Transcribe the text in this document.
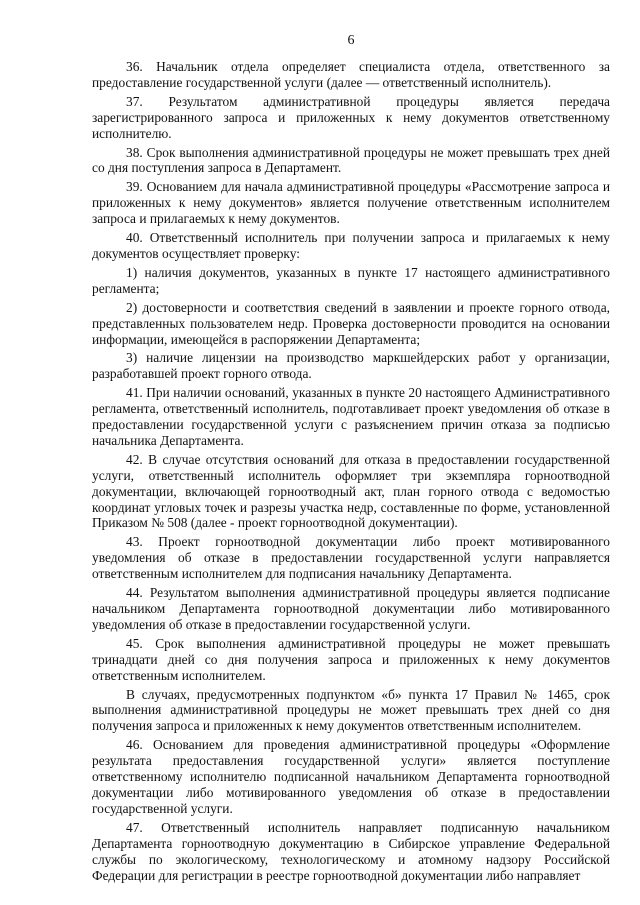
6

36. Начальник отдела определяет специалиста отдела, ответственного за предоставление государственной услуги (далее — ответственный исполнитель).

37. Результатом административной процедуры является передача зарегистрированного запроса и приложенных к нему документов ответственному исполнителю.

38. Срок выполнения административной процедуры не может превышать трех дней со дня поступления запроса в Департамент.

39. Основанием для начала административной процедуры «Рассмотрение запроса и приложенных к нему документов» является получение ответственным исполнителем запроса и прилагаемых к нему документов.

40. Ответственный исполнитель при получении запроса и прилагаемых к нему документов осуществляет проверку:

1) наличия документов, указанных в пункте 17 настоящего административного регламента;

2) достоверности и соответствия сведений в заявлении и проекте горного отвода, представленных пользователем недр. Проверка достоверности проводится на основании информации, имеющейся в распоряжении Департамента;

3) наличие лицензии на производство маркшейдерских работ у организации, разработавшей проект горного отвода.

41. При наличии оснований, указанных в пункте 20 настоящего Административного регламента, ответственный исполнитель, подготавливает проект уведомления об отказе в предоставлении государственной услуги с разъяснением причин отказа за подписью начальника Департамента.

42. В случае отсутствия оснований для отказа в предоставлении государственной услуги, ответственный исполнитель оформляет три экземпляра горноотводной документации, включающей горноотводный акт, план горного отвода с ведомостью координат угловых точек и разрезы участка недр, составленные по форме, установленной Приказом № 508 (далее - проект горноотводной документации).

43. Проект горноотводной документации либо проект мотивированного уведомления об отказе в предоставлении государственной услуги направляется ответственным исполнителем для подписания начальнику Департамента.

44. Результатом выполнения административной процедуры является подписание начальником Департамента горноотводной документации либо мотивированного уведомления об отказе в предоставлении государственной услуги.

45. Срок выполнения административной процедуры не может превышать тринадцати дней со дня получения запроса и приложенных к нему документов ответственным исполнителем.

В случаях, предусмотренных подпунктом «б» пункта 17 Правил № 1465, срок выполнения административной процедуры не может превышать трех дней со дня получения запроса и приложенных к нему документов ответственным исполнителем.

46. Основанием для проведения административной процедуры «Оформление результата предоставления государственной услуги» является поступление ответственному исполнителю подписанной начальником Департамента горноотводной документации либо мотивированного уведомления об отказе в предоставлении государственной услуги.

47. Ответственный исполнитель направляет подписанную начальником Департамента горноотводную документацию в Сибирское управление Федеральной службы по экологическому, технологическому и атомному надзору Российской Федерации для регистрации в реестре горноотводной документации либо направляет
